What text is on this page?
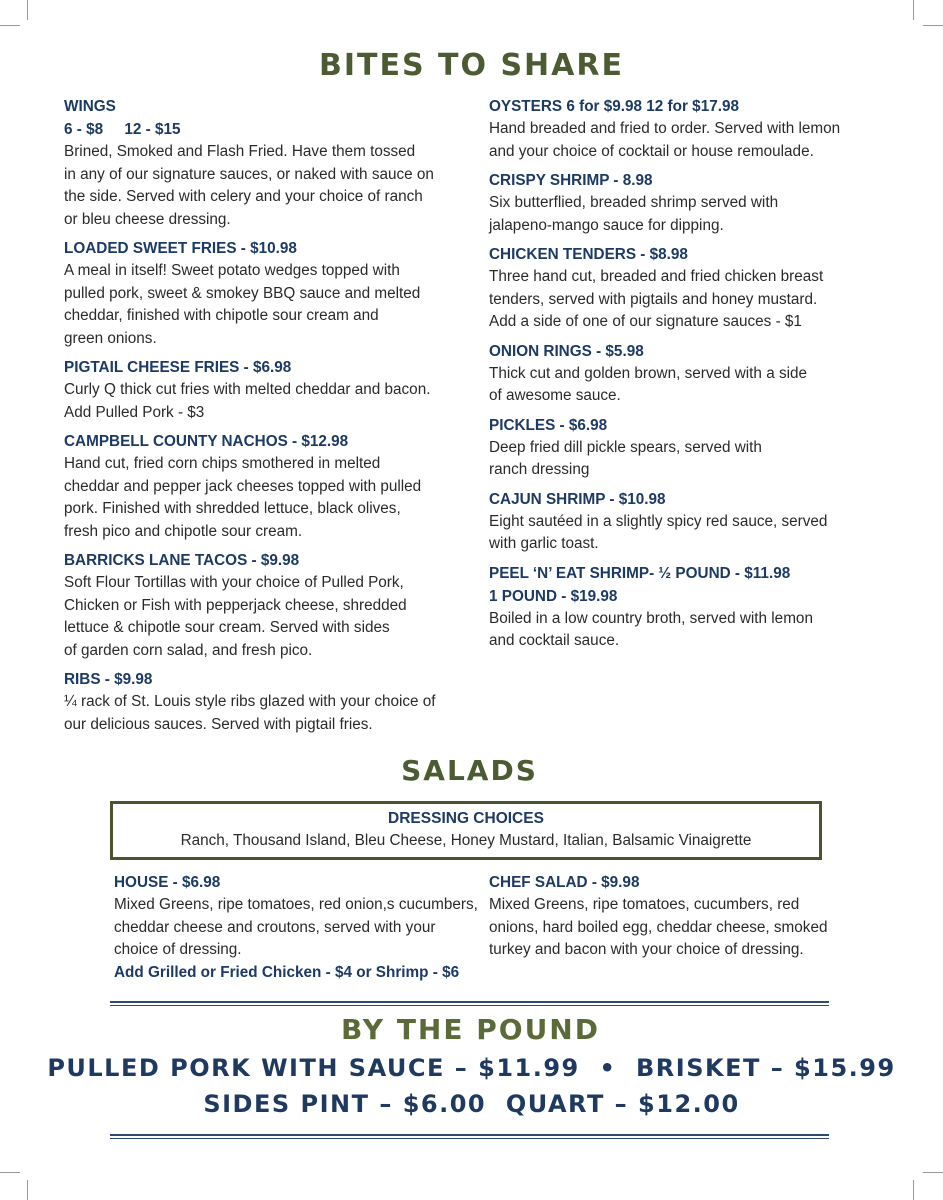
BITES TO SHARE
WINGS
6 - $8     12 - $15
Brined, Smoked and Flash Fried. Have them tossed
in any of our signature sauces, or naked with sauce on
the side. Served with celery and your choice of ranch
or bleu cheese dressing.
LOADED SWEET FRIES - $10.98
A meal in itself! Sweet potato wedges topped with
pulled pork, sweet & smokey BBQ sauce and melted
cheddar, finished with chipotle sour cream and
green onions.
PIGTAIL CHEESE FRIES - $6.98
Curly Q thick cut fries with melted cheddar and bacon.
Add Pulled Pork - $3
CAMPBELL COUNTY NACHOS - $12.98
Hand cut, fried corn chips smothered in melted
cheddar and pepper jack cheeses topped with pulled
pork. Finished with shredded lettuce, black olives,
fresh pico and chipotle sour cream.
BARRICKS LANE TACOS - $9.98
Soft Flour Tortillas with your choice of Pulled Pork,
Chicken or Fish with pepperjack cheese, shredded
lettuce & chipotle sour cream. Served with sides
of garden corn salad, and fresh pico.
RIBS - $9.98
¼ rack of St. Louis style ribs glazed with your choice of
our delicious sauces. Served with pigtail fries.
OYSTERS 6 for $9.98 12 for $17.98
Hand breaded and fried to order. Served with lemon
and your choice of cocktail or house remoulade.
CRISPY SHRIMP - 8.98
Six butterflied, breaded shrimp served with
jalapeno-mango sauce for dipping.
CHICKEN TENDERS - $8.98
Three hand cut, breaded and fried chicken breast
tenders, served with pigtails and honey mustard.
Add a side of one of our signature sauces - $1
ONION RINGS - $5.98
Thick cut and golden brown, served with a side
of awesome sauce.
PICKLES - $6.98
Deep fried dill pickle spears, served with
ranch dressing
CAJUN SHRIMP - $10.98
Eight sautéed in a slightly spicy red sauce, served
with garlic toast.
PEEL ‘N’ EAT SHRIMP- ½ POUND - $11.98
1 POUND - $19.98
Boiled in a low country broth, served with lemon
and cocktail sauce.
SALADS
DRESSING CHOICES
Ranch, Thousand Island, Bleu Cheese, Honey Mustard, Italian, Balsamic Vinaigrette
HOUSE - $6.98
Mixed Greens, ripe tomatoes, red onion,s cucumbers,
cheddar cheese and croutons, served with your
choice of dressing.
Add Grilled or Fried Chicken - $4 or Shrimp - $6
CHEF SALAD - $9.98
Mixed Greens, ripe tomatoes, cucumbers, red
onions, hard boiled egg, cheddar cheese, smoked
turkey and bacon with your choice of dressing.
BY THE POUND
PULLED PORK WITH SAUCE – $11.99  •  BRISKET – $15.99
SIDES PINT – $6.00  QUART – $12.00
